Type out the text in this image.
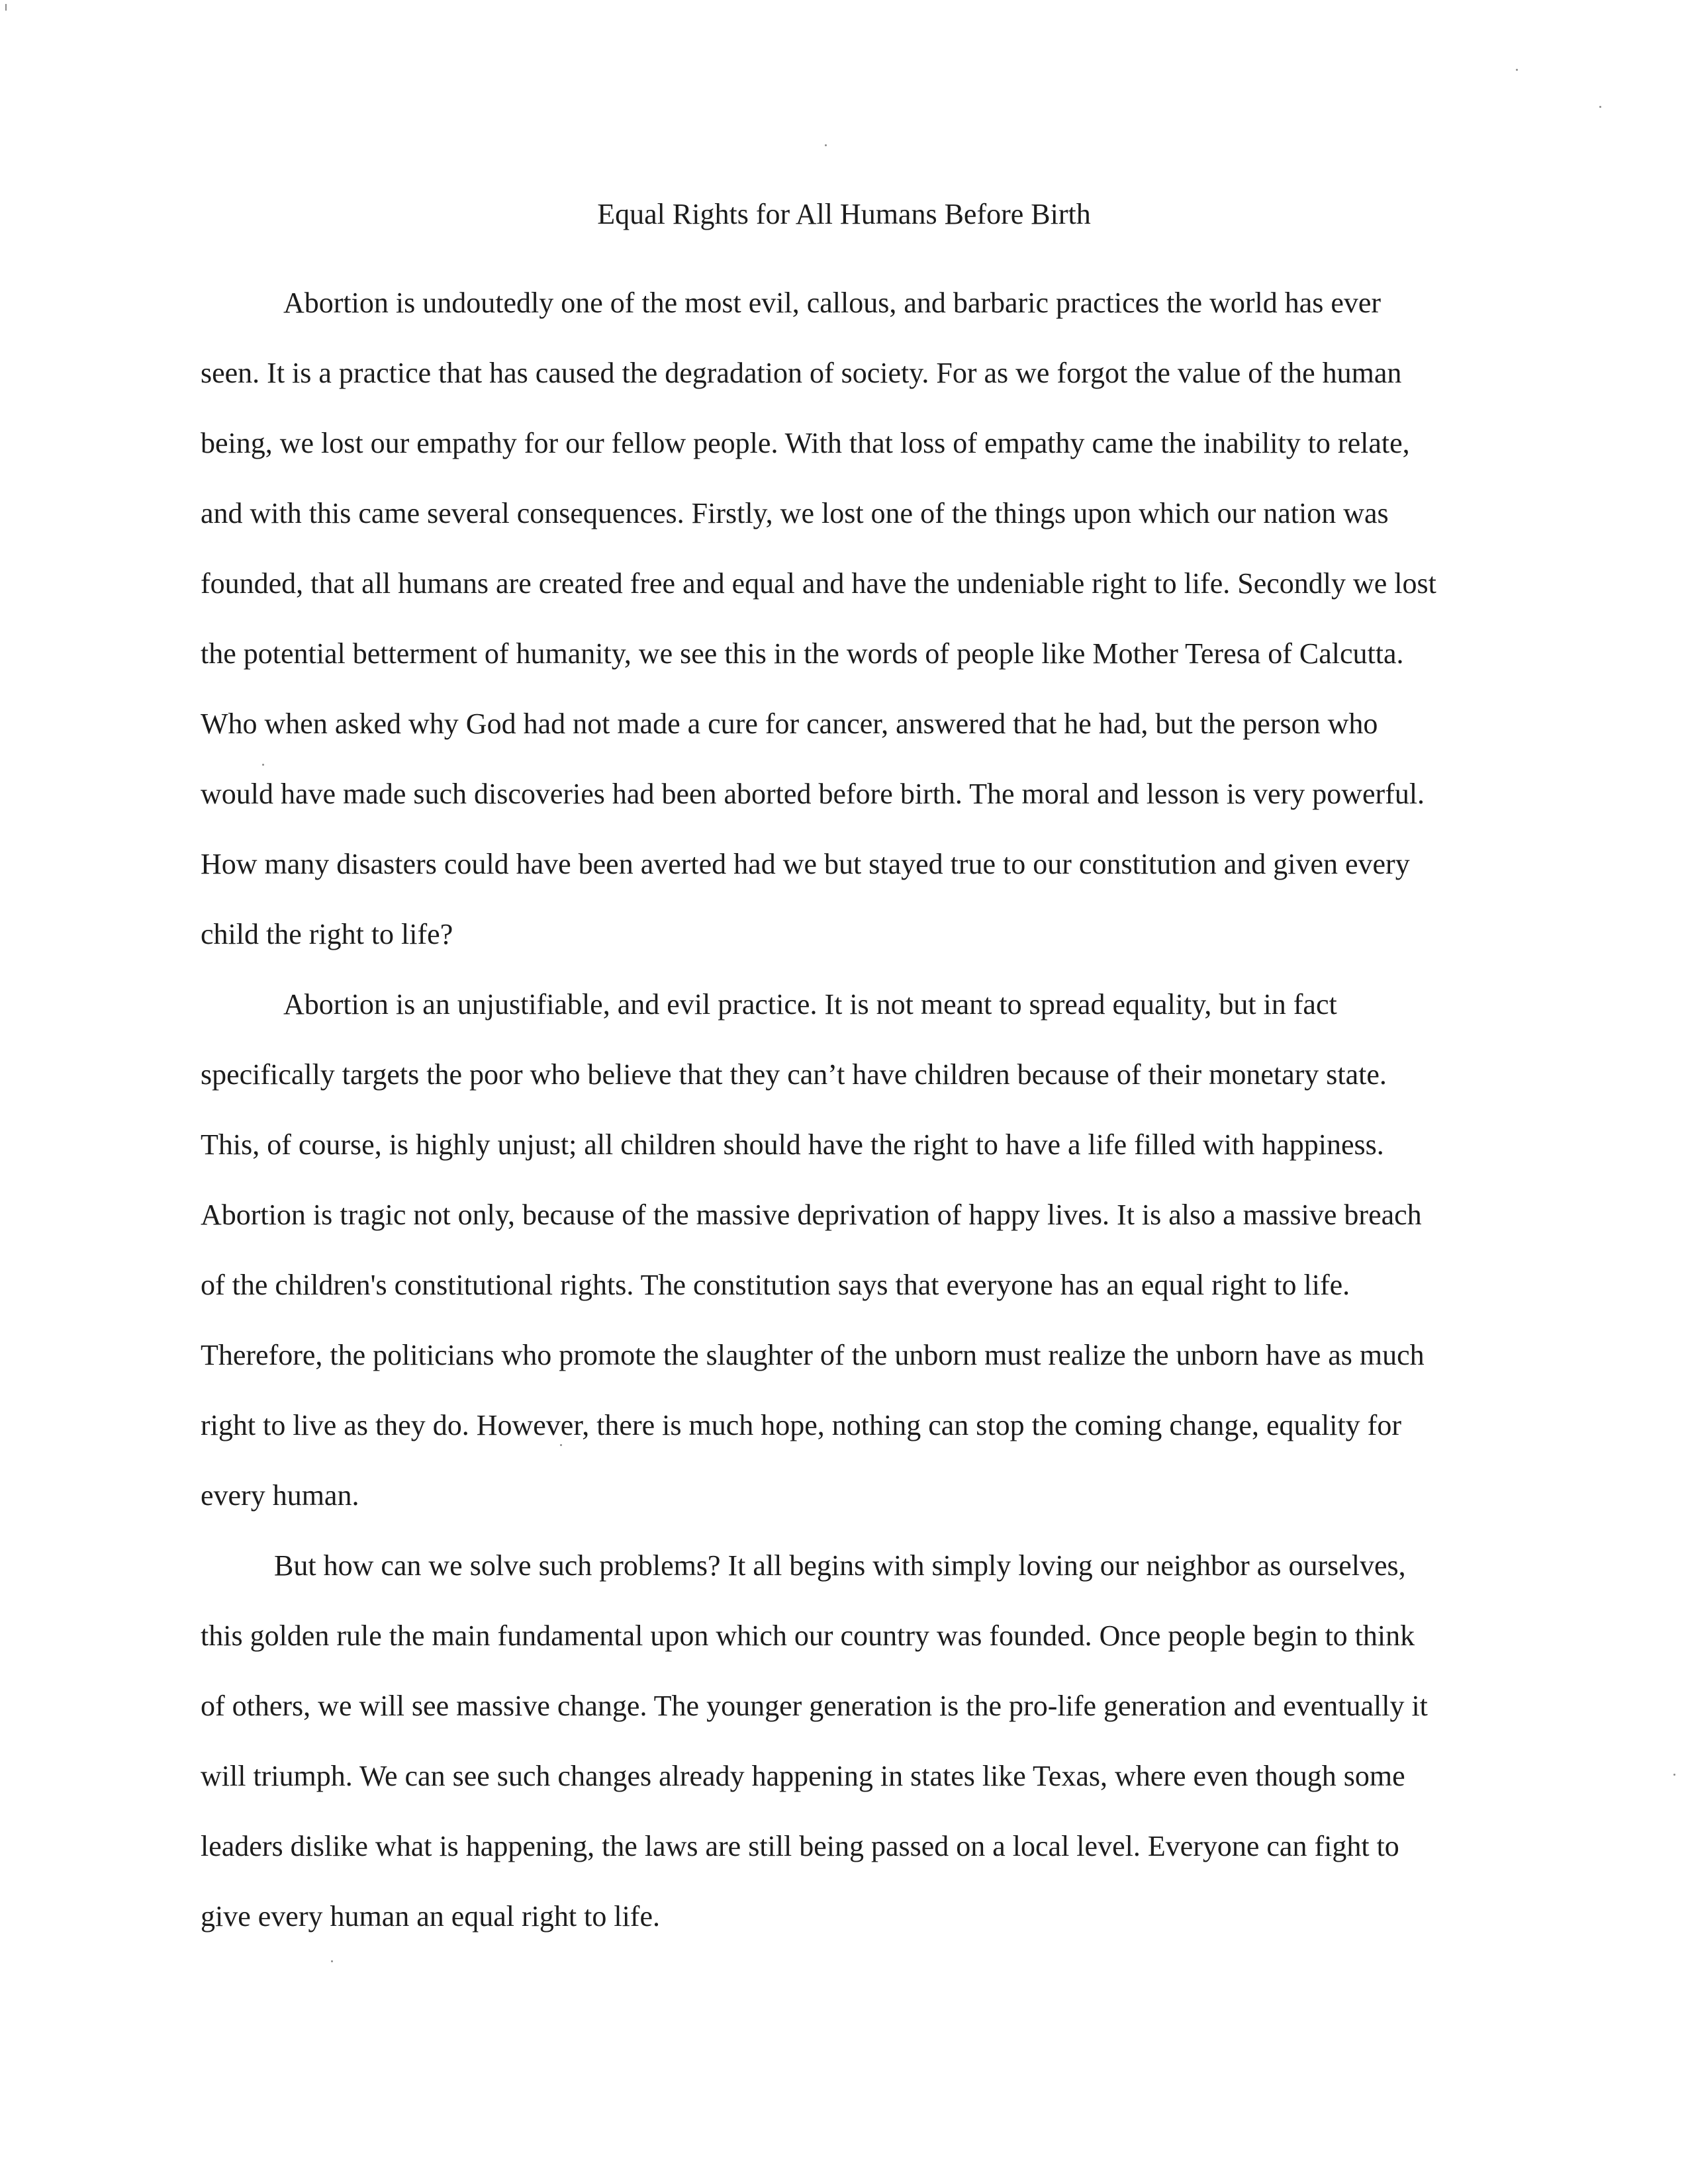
Equal Rights for All Humans Before Birth
Abortion is undoutedly one of the most evil, callous, and barbaric practices the world has ever
seen. It is a practice that has caused the degradation of society. For as we forgot the value of the human
being, we lost our empathy for our fellow people. With that loss of empathy came the inability to relate,
and with this came several consequences. Firstly, we lost one of the things upon which our nation was
founded, that all humans are created free and equal and have the undeniable right to life. Secondly we lost
the potential betterment of humanity, we see this in the words of people like Mother Teresa of Calcutta.
Who when asked why God had not made a cure for cancer, answered that he had, but the person who
would have made such discoveries had been aborted before birth. The moral and lesson is very powerful.
How many disasters could have been averted had we but stayed true to our constitution and given every
child the right to life?
Abortion is an unjustifiable, and evil practice. It is not meant to spread equality, but in fact
specifically targets the poor who believe that they can’t have children because of their monetary state.
This, of course, is highly unjust; all children should have the right to have a life filled with happiness.
Abortion is tragic not only, because of the massive deprivation of happy lives. It is also a massive breach
of the children's constitutional rights. The constitution says that everyone has an equal right to life.
Therefore, the politicians who promote the slaughter of the unborn must realize the unborn have as much
right to live as they do. However, there is much hope, nothing can stop the coming change, equality for
every human.
But how can we solve such problems? It all begins with simply loving our neighbor as ourselves,
this golden rule the main fundamental upon which our country was founded. Once people begin to think
of others, we will see massive change. The younger generation is the pro-life generation and eventually it
will triumph. We can see such changes already happening in states like Texas, where even though some
leaders dislike what is happening, the laws are still being passed on a local level. Everyone can fight to
give every human an equal right to life.
